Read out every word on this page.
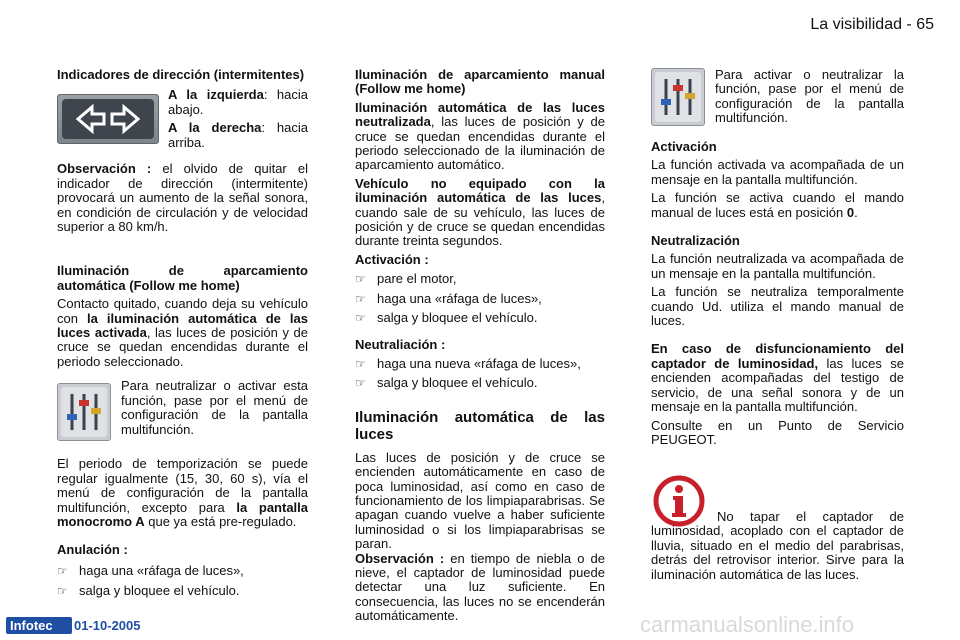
La visibilidad - 65

Indicadores de dirección (intermitentes)

A la izquierda: hacia abajo.

A la derecha: hacia arriba.

Observación : el olvido de quitar el indicador de dirección (intermitente) provocará un aumento de la señal sonora, en condición de circulación y de velocidad superior a 80 km/h.

Iluminación de aparcamiento automática (Follow me home)

Contacto quitado, cuando deja su vehículo con la iluminación automática de las luces activada, las luces de posición y de cruce se quedan encendidas durante el periodo seleccionado.

Para neutralizar o activar esta función, pase por el menú de configuración de la pantalla multifunción.

El periodo de temporización se puede regular igualmente (15, 30, 60 s), vía el menú de configuración de la pantalla multifunción, excepto para la pantalla monocromo A que ya está pre-regulado.

Anulación :

☞ haga una «ráfaga de luces»,
☞ salga y bloquee el vehículo.

Iluminación de aparcamiento manual (Follow me home)

Iluminación automática de las luces neutralizada, las luces de posición y de cruce se quedan encendidas durante el periodo seleccionado de la iluminación de aparcamiento automático.

Vehículo no equipado con la iluminación automática de las luces, cuando sale de su vehículo, las luces de posición y de cruce se quedan encendidas durante treinta segundos.

Activación :

☞ pare el motor,
☞ haga una «ráfaga de luces»,
☞ salga y bloquee el vehículo.

Neutraliación :

☞ haga una nueva «ráfaga de luces»,
☞ salga y bloquee el vehículo.

Iluminación automática de las luces

Las luces de posición y de cruce se encienden automáticamente en caso de poca luminosidad, así como en caso de funcionamiento de los limpiaparabrisas. Se apagan cuando vuelve a haber suficiente luminosidad o si los limpiaparabrisas se paran.

Observación : en tiempo de niebla o de nieve, el captador de luminosidad puede detectar una luz suficiente. En consecuencia, las luces no se encenderán automáticamente.

Para activar o neutralizar la función, pase por el menú de configuración de la pantalla multifunción.

Activación

La función activada va acompañada de un mensaje en la pantalla multifunción.

La función se activa cuando el mando manual de luces está en posición 0.

Neutralización

La función neutralizada va acompañada de un mensaje en la pantalla multifunción.

La función se neutraliza temporalmente cuando Ud. utiliza el mando manual de luces.

En caso de disfuncionamiento del captador de luminosidad, las luces se encienden acompañadas del testigo de servicio, de una señal sonora y de un mensaje en la pantalla multifunción.

Consulte en un Punto de Servicio PEUGEOT.

No tapar el captador de luminosidad, acoplado con el captador de lluvia, situado en el medio del parabrisas, detrás del retrovisor interior. Sirve para la iluminación automática de las luces.

Infotec	01-10-2005	carmanualsonline.info
